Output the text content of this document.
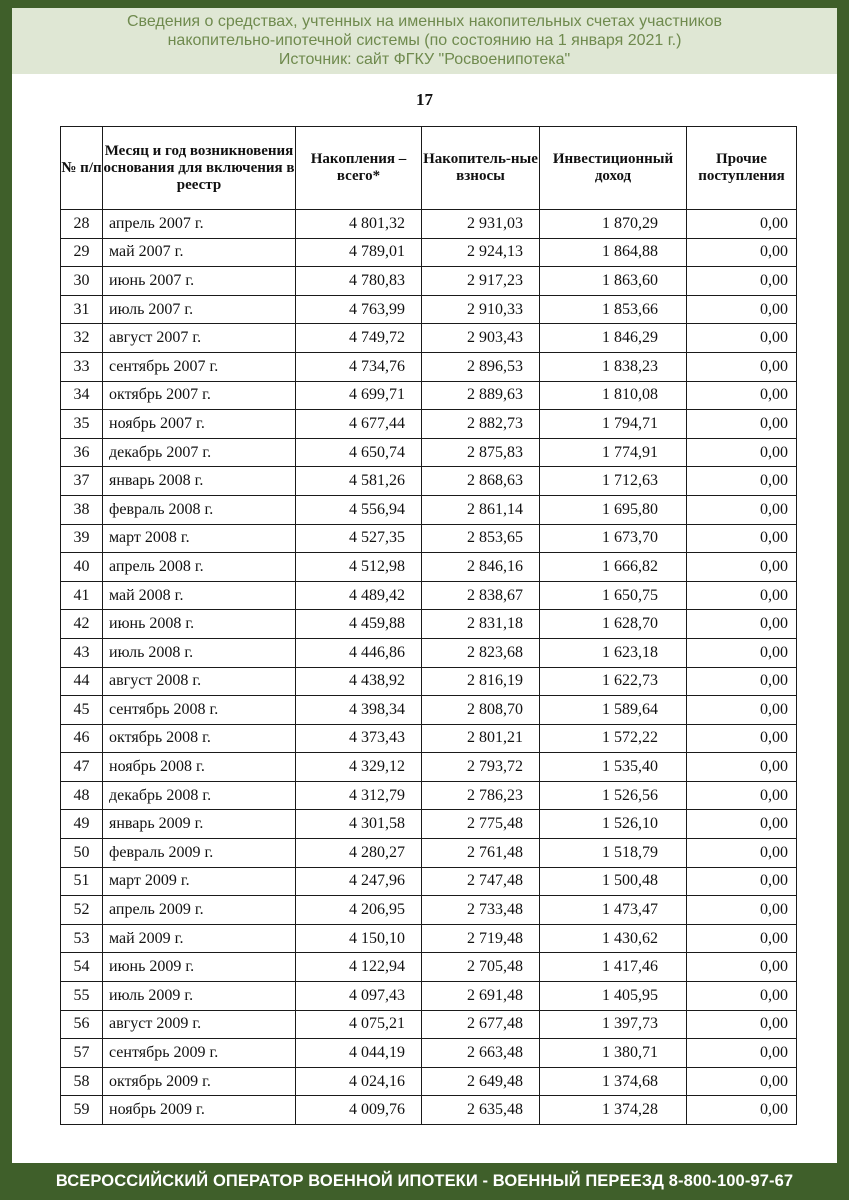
Сведения о средствах, учтенных на именных накопительных счетах участников
накопительно-ипотечной системы (по состоянию на 1 января 2021 г.)
Источник: сайт ФГКУ "Росвоенипотека"
17
№ п/п	Месяц и год возникновения основания для включения в реестр	Накопления – всего*	Накопитель-ные взносы	Инвестиционный доход	Прочие поступления
28	апрель 2007 г.	4 801,32	2 931,03	1 870,29	0,00
29	май 2007 г.	4 789,01	2 924,13	1 864,88	0,00
30	июнь 2007 г.	4 780,83	2 917,23	1 863,60	0,00
31	июль 2007 г.	4 763,99	2 910,33	1 853,66	0,00
32	август 2007 г.	4 749,72	2 903,43	1 846,29	0,00
33	сентябрь 2007 г.	4 734,76	2 896,53	1 838,23	0,00
34	октябрь 2007 г.	4 699,71	2 889,63	1 810,08	0,00
35	ноябрь 2007 г.	4 677,44	2 882,73	1 794,71	0,00
36	декабрь 2007 г.	4 650,74	2 875,83	1 774,91	0,00
37	январь 2008 г.	4 581,26	2 868,63	1 712,63	0,00
38	февраль 2008 г.	4 556,94	2 861,14	1 695,80	0,00
39	март 2008 г.	4 527,35	2 853,65	1 673,70	0,00
40	апрель 2008 г.	4 512,98	2 846,16	1 666,82	0,00
41	май 2008 г.	4 489,42	2 838,67	1 650,75	0,00
42	июнь 2008 г.	4 459,88	2 831,18	1 628,70	0,00
43	июль 2008 г.	4 446,86	2 823,68	1 623,18	0,00
44	август 2008 г.	4 438,92	2 816,19	1 622,73	0,00
45	сентябрь 2008 г.	4 398,34	2 808,70	1 589,64	0,00
46	октябрь 2008 г.	4 373,43	2 801,21	1 572,22	0,00
47	ноябрь 2008 г.	4 329,12	2 793,72	1 535,40	0,00
48	декабрь 2008 г.	4 312,79	2 786,23	1 526,56	0,00
49	январь 2009 г.	4 301,58	2 775,48	1 526,10	0,00
50	февраль 2009 г.	4 280,27	2 761,48	1 518,79	0,00
51	март 2009 г.	4 247,96	2 747,48	1 500,48	0,00
52	апрель 2009 г.	4 206,95	2 733,48	1 473,47	0,00
53	май 2009 г.	4 150,10	2 719,48	1 430,62	0,00
54	июнь 2009 г.	4 122,94	2 705,48	1 417,46	0,00
55	июль 2009 г.	4 097,43	2 691,48	1 405,95	0,00
56	август 2009 г.	4 075,21	2 677,48	1 397,73	0,00
57	сентябрь 2009 г.	4 044,19	2 663,48	1 380,71	0,00
58	октябрь 2009 г.	4 024,16	2 649,48	1 374,68	0,00
59	ноябрь 2009 г.	4 009,76	2 635,48	1 374,28	0,00
ВСЕРОССИЙСКИЙ ОПЕРАТОР ВОЕННОЙ ИПОТЕКИ - ВОЕННЫЙ ПЕРЕЕЗД 8-800-100-97-67
